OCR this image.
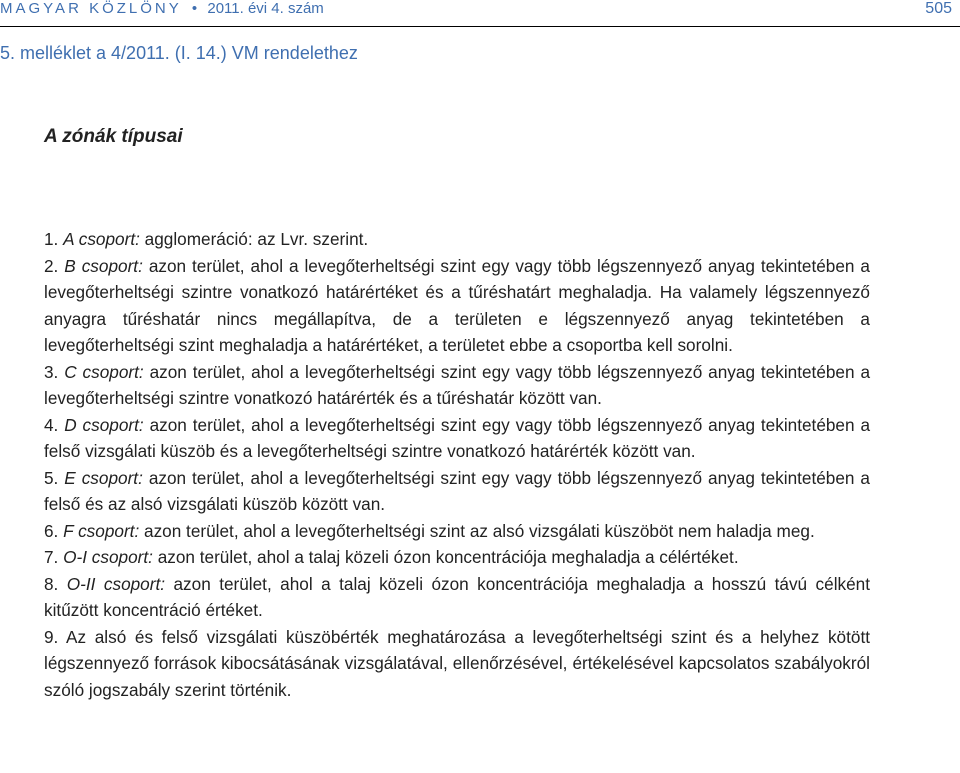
MAGYAR KÖZLÖNY • 2011. évi 4. szám	505
5. melléklet a 4/2011. (I. 14.) VM rendelethez
A zónák típusai

1. A csoport: agglomeráció: az Lvr. szerint.

2. B csoport: azon terület, ahol a levegőterheltségi szint egy vagy több légszennyező anyag tekintetében a levegőterheltségi szintre vonatkozó határértéket és a tűréshatárt meghaladja. Ha valamely légszennyező anyagra tűréshatár nincs megállapítva, de a területen e légszennyező anyag tekintetében a levegőterheltségi szint meghaladja a határértéket, a területet ebbe a csoportba kell sorolni.

3. C csoport: azon terület, ahol a levegőterheltségi szint egy vagy több légszennyező anyag tekintetében a levegőterheltségi szintre vonatkozó határérték és a tűréshatár között van.

4. D csoport: azon terület, ahol a levegőterheltségi szint egy vagy több légszennyező anyag tekintetében a felső vizsgálati küszöb és a levegőterheltségi szintre vonatkozó határérték között van.

5. E csoport: azon terület, ahol a levegőterheltségi szint egy vagy több légszennyező anyag tekintetében a felső és az alsó vizsgálati küszöb között van.

6. F csoport: azon terület, ahol a levegőterheltségi szint az alsó vizsgálati küszöböt nem haladja meg.

7. O-I csoport: azon terület, ahol a talaj közeli ózon koncentrációja meghaladja a célértéket.

8. O-II csoport: azon terület, ahol a talaj közeli ózon koncentrációja meghaladja a hosszú távú célként kitűzött koncentráció értéket.

9. Az alsó és felső vizsgálati küszöbérték meghatározása a levegőterheltségi szint és a helyhez kötött légszennyező források kibocsátásának vizsgálatával, ellenőrzésével, értékelésével kapcsolatos szabályokról szóló jogszabály szerint történik.
